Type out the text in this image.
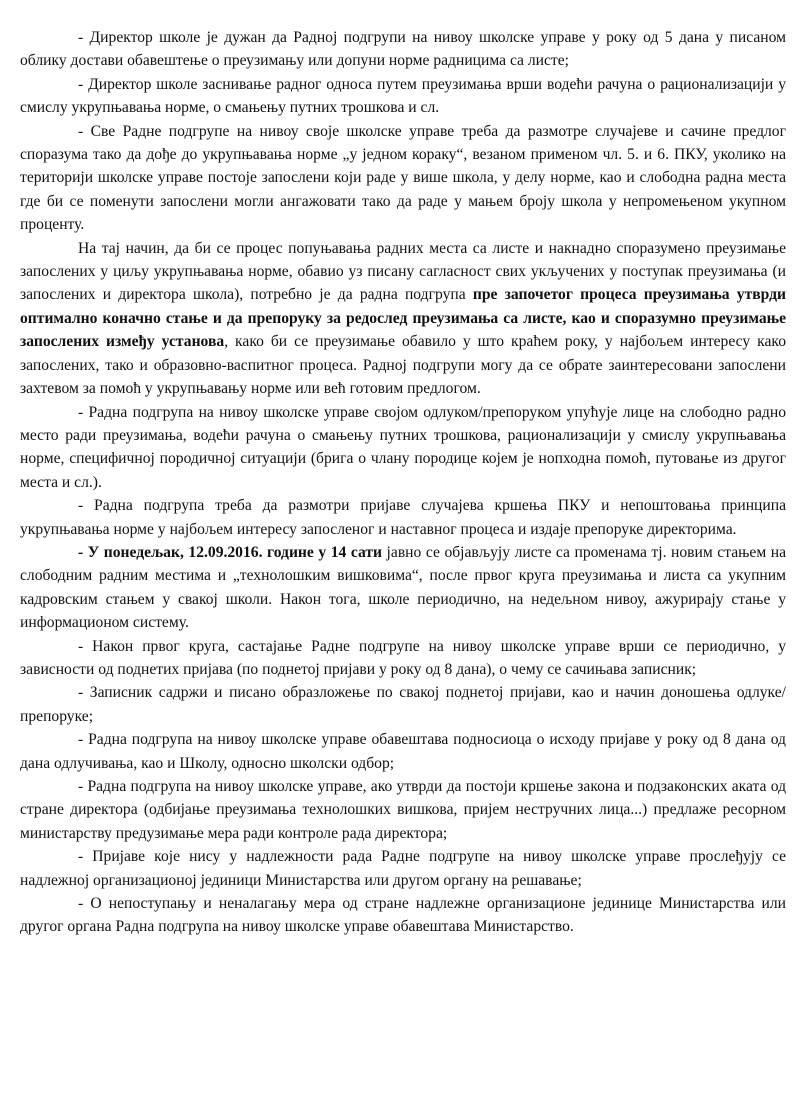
- Директор школе је дужан да Радној подгрупи на нивоу школске управе у року од 5 дана у писаном облику достави обавештење о преузимању или допуни норме радницима са листе;

- Директор школе заснивање радног односа путем преузимања врши водећи рачуна о рационализацији у смислу укрупњавања норме, о смањењу путних трошкова и сл.

- Све Радне подгрупе на нивоу своје школске управе треба да размотре случајеве и сачине предлог споразума тако да дође до укрупњавања норме „у једном кораку“, везаном применом чл. 5. и 6. ПКУ, уколико на територији школске управе постоје запослени који раде у више школа, у делу норме, као и слободна радна места где би се поменути запослени могли ангажовати тако да раде у мањем броју школа у непромењеном укупном проценту.

На тај начин, да би се процес попуњавања радних места са листе и накнадно споразумено преузимање запослених у циљу укрупњавања норме, обавио уз писану сагласност свих укључених у поступак преузимања (и запослених и директора школа), потребно је да радна подгрупа пре започетог процеса преузимања утврди оптимално коначно стање и да препоруку за редослед преузимања са листе, као и споразумно преузимање запослених између установа, како би се преузимање обавило у што краћем року, у најбољем интересу како запослених, тако и образовно-васпитног процеса. Радној подгрупи могу да се обрате заинтересовани запослени захтевом за помоћ у укрупњавању норме или већ готовим предлогом.

- Радна подгрупа на нивоу школске управе својом одлуком/препоруком упућује лице на слободно радно место ради преузимања, водећи рачуна о смањењу путних трошкова, рационализацији у смислу укрупњавања норме, специфичној породичној ситуацији (брига о члану породице којем је нопходна помоћ, путовање из другог места и сл.).

- Радна подгрупа треба да размотри пријаве случајева кршења ПКУ и непоштовања принципа укрупњавања норме у најбољем интересу запосленог и наставног процеса и издаје препоруке директорима.

- У понедељак, 12.09.2016. године у 14 сати јавно се објављују листе са променама тј. новим стањем на слободним радним местима и „технолошким вишковима“, после првог круга преузимања и листа са укупним кадровским стањем у свакој школи. Након тога, школе периодично, на недељном нивоу, ажурирају стање у информационом систему.

- Након првог круга, састајање Радне подгрупе на нивоу школске управе врши се периодично, у зависности од поднетих пријава (по поднетој пријави у року од 8 дана), о чему се сачињава записник;

- Записник садржи и писано образложење по свакој поднетој пријави, као и начин доношења одлуке/препоруке;

- Радна подгрупа на нивоу школске управе обавештава подносиоца о исходу пријаве у року од 8 дана од дана одлучивања, као и Школу, односно школски одбор;

- Радна подгрупа на нивоу школске управе, ако утврди да постоји кршење закона и подзаконских аката од стране директора (одбијање преузимања технолошких вишкова, пријем нестручних лица...) предлаже ресорном министарству предузимање мера ради контроле рада директора;

- Пријаве које нису у надлежности рада Радне подгрупе на нивоу школске управе прослеђују се надлежној организационој јединици Министарства или другом органу на решавање;

- О непоступању и неналагању мера од стране надлежне организационе јединице Министарства или другог органа Радна подгрупа на нивоу школске управе обавештава Министарство.
